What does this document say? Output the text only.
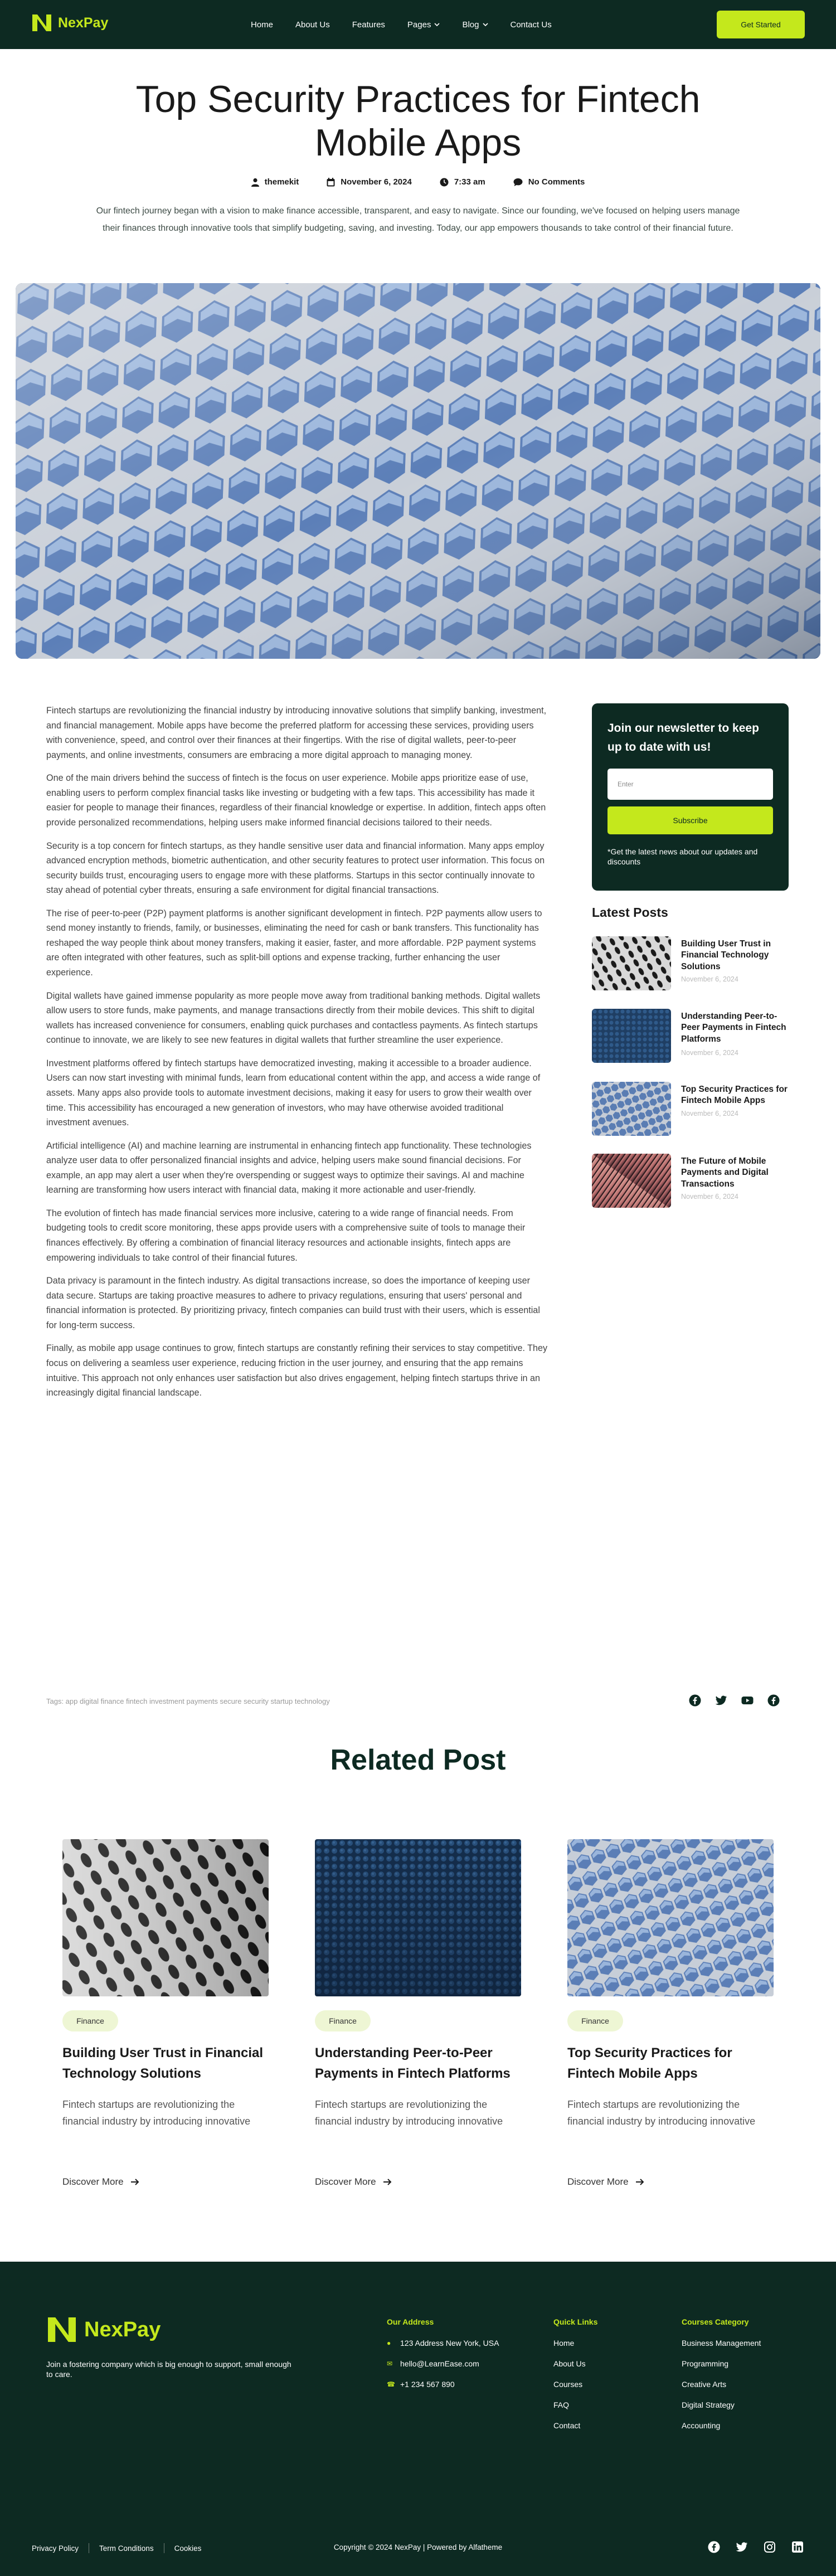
NexPay	Home	About Us	Features	Pages	Blog	Contact Us	Get Started
Top Security Practices for Fintech Mobile Apps
themekit	November 6, 2024	7:33 am	No Comments

Our fintech journey began with a vision to make finance accessible, transparent, and easy to navigate. Since our founding, we've focused on helping users manage their finances through innovative tools that simplify budgeting, saving, and investing. Today, our app empowers thousands to take control of their financial future.

Fintech startups are revolutionizing the financial industry by introducing innovative solutions that simplify banking, investment, and financial management. Mobile apps have become the preferred platform for accessing these services, providing users with convenience, speed, and control over their finances at their fingertips. With the rise of digital wallets, peer-to-peer payments, and online investments, consumers are embracing a more digital approach to managing money.

One of the main drivers behind the success of fintech is the focus on user experience. Mobile apps prioritize ease of use, enabling users to perform complex financial tasks like investing or budgeting with a few taps. This accessibility has made it easier for people to manage their finances, regardless of their financial knowledge or expertise. In addition, fintech apps often provide personalized recommendations, helping users make informed financial decisions tailored to their needs.

Security is a top concern for fintech startups, as they handle sensitive user data and financial information. Many apps employ advanced encryption methods, biometric authentication, and other security features to protect user information. This focus on security builds trust, encouraging users to engage more with these platforms. Startups in this sector continually innovate to stay ahead of potential cyber threats, ensuring a safe environment for digital financial transactions.

The rise of peer-to-peer (P2P) payment platforms is another significant development in fintech. P2P payments allow users to send money instantly to friends, family, or businesses, eliminating the need for cash or bank transfers. This functionality has reshaped the way people think about money transfers, making it easier, faster, and more affordable. P2P payment systems are often integrated with other features, such as split-bill options and expense tracking, further enhancing the user experience.

Digital wallets have gained immense popularity as more people move away from traditional banking methods. Digital wallets allow users to store funds, make payments, and manage transactions directly from their mobile devices. This shift to digital wallets has increased convenience for consumers, enabling quick purchases and contactless payments. As fintech startups continue to innovate, we are likely to see new features in digital wallets that further streamline the user experience.

Investment platforms offered by fintech startups have democratized investing, making it accessible to a broader audience. Users can now start investing with minimal funds, learn from educational content within the app, and access a wide range of assets. Many apps also provide tools to automate investment decisions, making it easy for users to grow their wealth over time. This accessibility has encouraged a new generation of investors, who may have otherwise avoided traditional investment avenues.

Artificial intelligence (AI) and machine learning are instrumental in enhancing fintech app functionality. These technologies analyze user data to offer personalized financial insights and advice, helping users make sound financial decisions. For example, an app may alert a user when they're overspending or suggest ways to optimize their savings. AI and machine learning are transforming how users interact with financial data, making it more actionable and user-friendly.

The evolution of fintech has made financial services more inclusive, catering to a wide range of financial needs. From budgeting tools to credit score monitoring, these apps provide users with a comprehensive suite of tools to manage their finances effectively. By offering a combination of financial literacy resources and actionable insights, fintech apps are empowering individuals to take control of their financial futures.

Data privacy is paramount in the fintech industry. As digital transactions increase, so does the importance of keeping user data secure. Startups are taking proactive measures to adhere to privacy regulations, ensuring that users' personal and financial information is protected. By prioritizing privacy, fintech companies can build trust with their users, which is essential for long-term success.

Finally, as mobile app usage continues to grow, fintech startups are constantly refining their services to stay competitive. They focus on delivering a seamless user experience, reducing friction in the user journey, and ensuring that the app remains intuitive. This approach not only enhances user satisfaction but also drives engagement, helping fintech startups thrive in an increasingly digital financial landscape.

Join our newsletter to keep up to date with us!
Enter
Subscribe

*Get the latest news about our updates and discounts

Latest Posts
Building User Trust in Financial Technology Solutions
November 6, 2024
Understanding Peer-to-Peer Payments in Fintech Platforms
November 6, 2024
Top Security Practices for Fintech Mobile Apps
November 6, 2024
The Future of Mobile Payments and Digital Transactions
November 6, 2024
Tags: app digital finance fintech investment payments secure security startup technology
Related Post
Finance
Building User Trust in Financial Technology Solutions
Fintech startups are revolutionizing the financial industry by introducing innovative
Discover More
Finance
Understanding Peer-to-Peer Payments in Fintech Platforms
Fintech startups are revolutionizing the financial industry by introducing innovative
Discover More
Finance
Top Security Practices for Fintech Mobile Apps
Fintech startups are revolutionizing the financial industry by introducing innovative
Discover More
NexPay

Join a fostering company which is big enough to support, small enough to care.

Our Address
●	123 Address New York, USA
✉ hello@LearnEase.com
☎ +1 234 567 890
Quick Links
Home
About Us
Courses
FAQ
Contact
Courses Category
Business Management
Programming
Creative Arts
Digital Strategy
Accounting
Copyright © 2024 NexPay | Powered by Alfatheme
Privacy Policy	Term Conditions	Cookies
